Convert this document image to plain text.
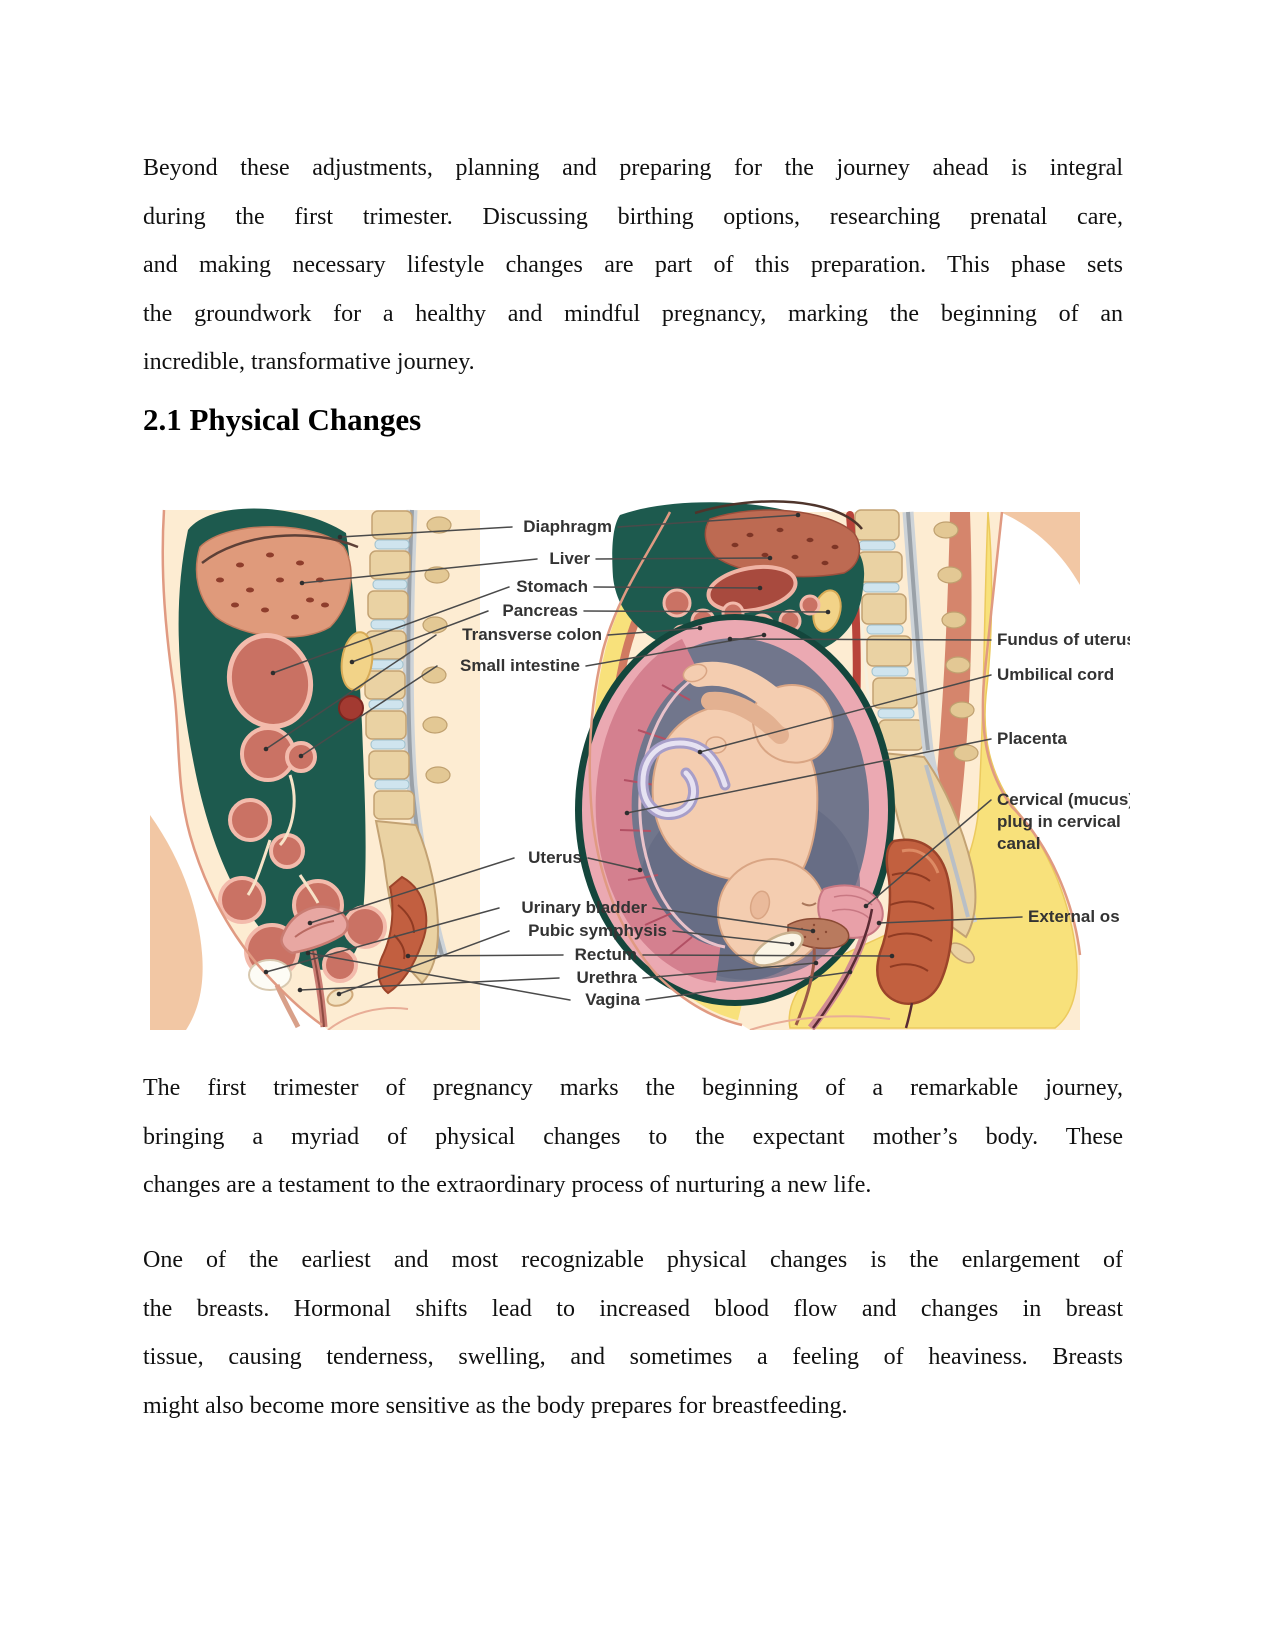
Beyond these adjustments, planning and preparing for the journey ahead is integral
during the first trimester. Discussing birthing options, researching prenatal care,
and making necessary lifestyle changes are part of this preparation. This phase sets
the groundwork for a healthy and mindful pregnancy, marking the beginning of an
incredible, transformative journey.
2.1 Physical Changes
Diaphragm
Liver
Stomach
Pancreas
Transverse colon
Small intestine
Uterus
Urinary bladder
Pubic symphysis
Rectum
Urethra
Vagina
Fundus of uterus
Umbilical cord
Placenta
Cervical (mucus)
plug in cervical
canal
External os
The first trimester of pregnancy marks the beginning of a remarkable journey,
bringing a myriad of physical changes to the expectant mother’s body. These
changes are a testament to the extraordinary process of nurturing a new life.
One of the earliest and most recognizable physical changes is the enlargement of
the breasts. Hormonal shifts lead to increased blood flow and changes in breast
tissue, causing tenderness, swelling, and sometimes a feeling of heaviness. Breasts
might also become more sensitive as the body prepares for breastfeeding.
